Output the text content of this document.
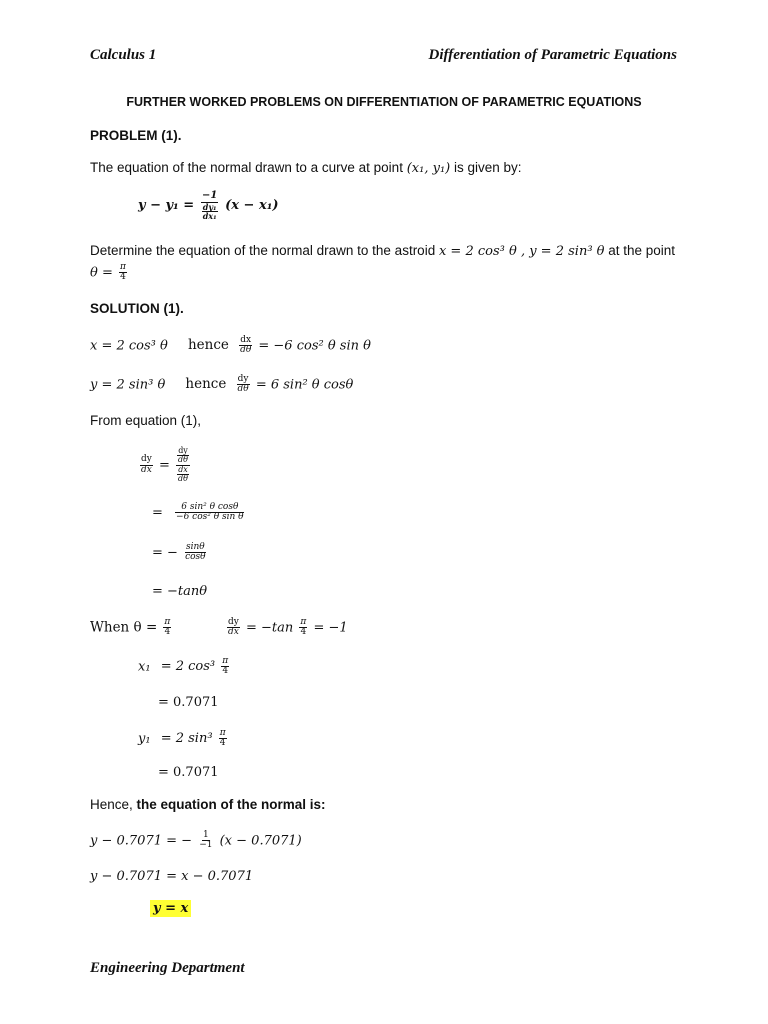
Calculus 1	Differentiation of Parametric Equations
FURTHER WORKED PROBLEMS ON DIFFERENTIATION OF PARAMETRIC EQUATIONS
PROBLEM (1).
The equation of the normal drawn to a curve at point (x₁, y₁) is given by:
$y - y_1 = \frac{-1}{\frac{\text{dy₁}}{\text{dx₁}}} (x - x_1)$
Determine the equation of the normal drawn to the astroid x = 2 cos³ θ , y = 2 sin³ θ at the point
$\theta = \frac{\pi}{4}$
SOLUTION (1).
x = 2 cos³ θ hence $\frac{dx}{d\theta} = -6$ cos² θ sin θ
y = 2 sin³ θ hence $\frac{dy}{d\theta} = 6$ sin² θ cosθ
From equation (1),
$\frac{dy}{dx} = \frac{\frac{dy}{d\theta}}{\frac{dx}{d\theta}}$
= $\frac{\text{6 sin² θ cosθ}}{\text{−6 cos² θ sin θ}}$
= − $\frac{\sin\theta}{\cos\theta}$
= −tanθ
When $\theta = \frac{\pi}{4}$	$\frac{dy}{dx} = -\tan \frac{\pi}{4} = -1$
x₁ = 2 $\cos^3 \frac{\pi}{4}$
= 0.7071
y₁ = 2 $\sin^3 \frac{\pi}{4}$
= 0.7071
Hence, the equation of the normal is:
y − 0.7071 = − $\frac{1}{-1} (x - 0.7071)$
y − 0.7071 = x − 0.7071
y = x
Engineering Department
